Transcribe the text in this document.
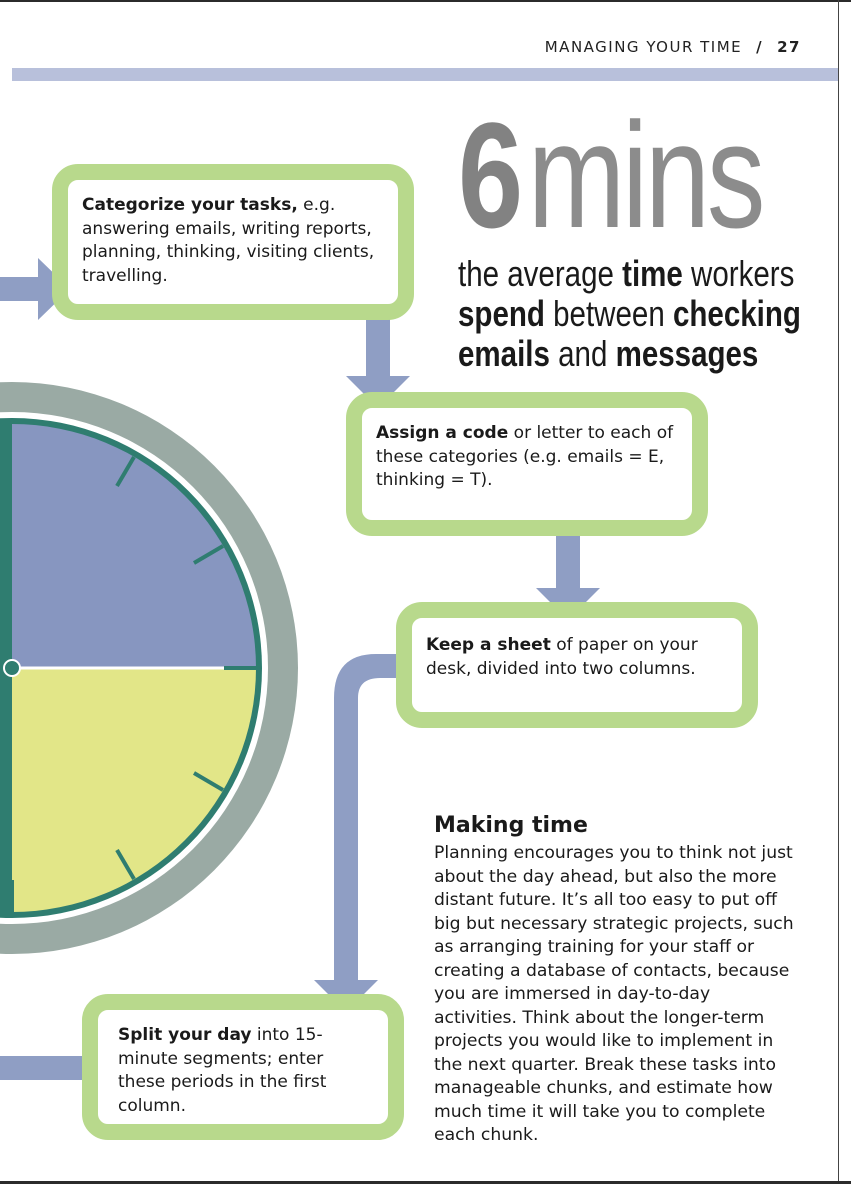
MANAGING YOUR TIME / 27
6mins
the average time workers spend between checking emails and messages
Categorize your tasks, e.g. answering emails, writing reports, planning, thinking, visiting clients, travelling.
Assign a code or letter to each of these categories (e.g. emails = E, thinking = T).
Keep a sheet of paper on your desk, divided into two columns.
Split your day into 15-minute segments; enter these periods in the first column.
Making time

Planning encourages you to think not just about the day ahead, but also the more distant future. It’s all too easy to put off big but necessary strategic projects, such as arranging training for your staff or creating a database of contacts, because you are immersed in day-to-day activities. Think about the longer-term projects you would like to implement in the next quarter. Break these tasks into manageable chunks, and estimate how much time it will take you to complete each chunk.
